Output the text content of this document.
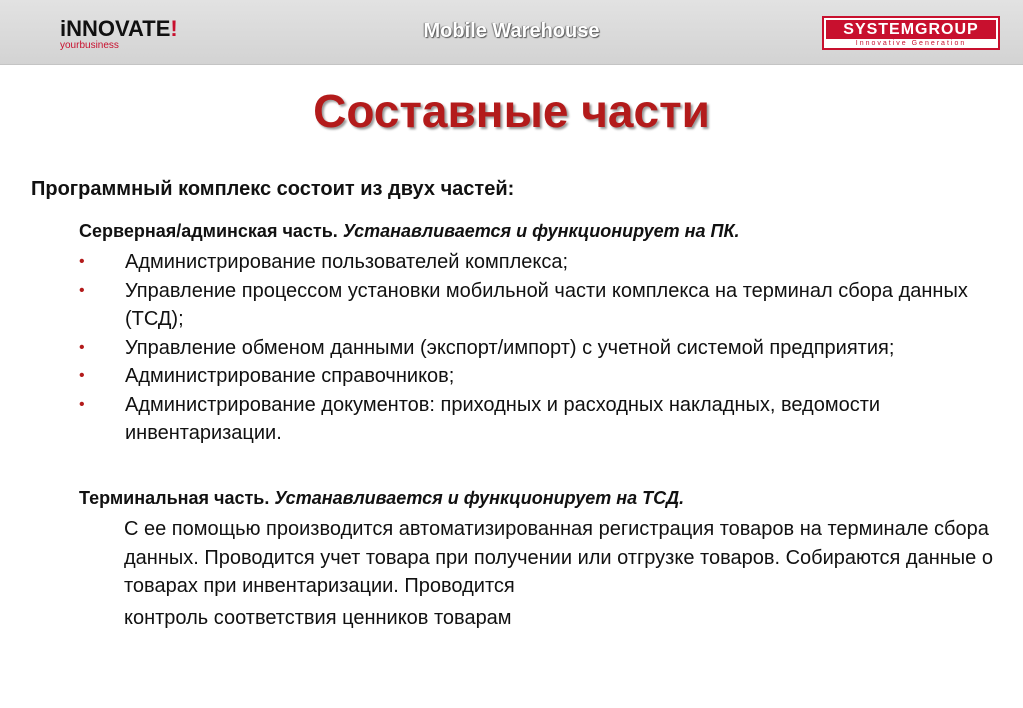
iNNOVATE!
yourbusiness
Mobile Warehouse	SYSTEMGROUP
Innovative Generation
Составные части
Программный комплекс состоит из двух частей:
Серверная/админская часть. Устанавливается и функционирует на ПК.
• Администрирование пользователей комплекса;
• Управление процессом установки мобильной части комплекса на терминал сбора данных (ТСД);
• Управление обменом данными (экспорт/импорт) с учетной системой предприятия;
• Администрирование справочников;
• Администрирование документов: приходных и расходных накладных, ведомости инвентаризации.
Терминальная часть. Устанавливается и функционирует на ТСД.
С ее помощью производится автоматизированная регистрация товаров на терминале сбора данных. Проводится учет товара при получении или отгрузке товаров. Собираются данные о товарах при инвентаризации. Проводится
контроль соответствия ценников товарам
